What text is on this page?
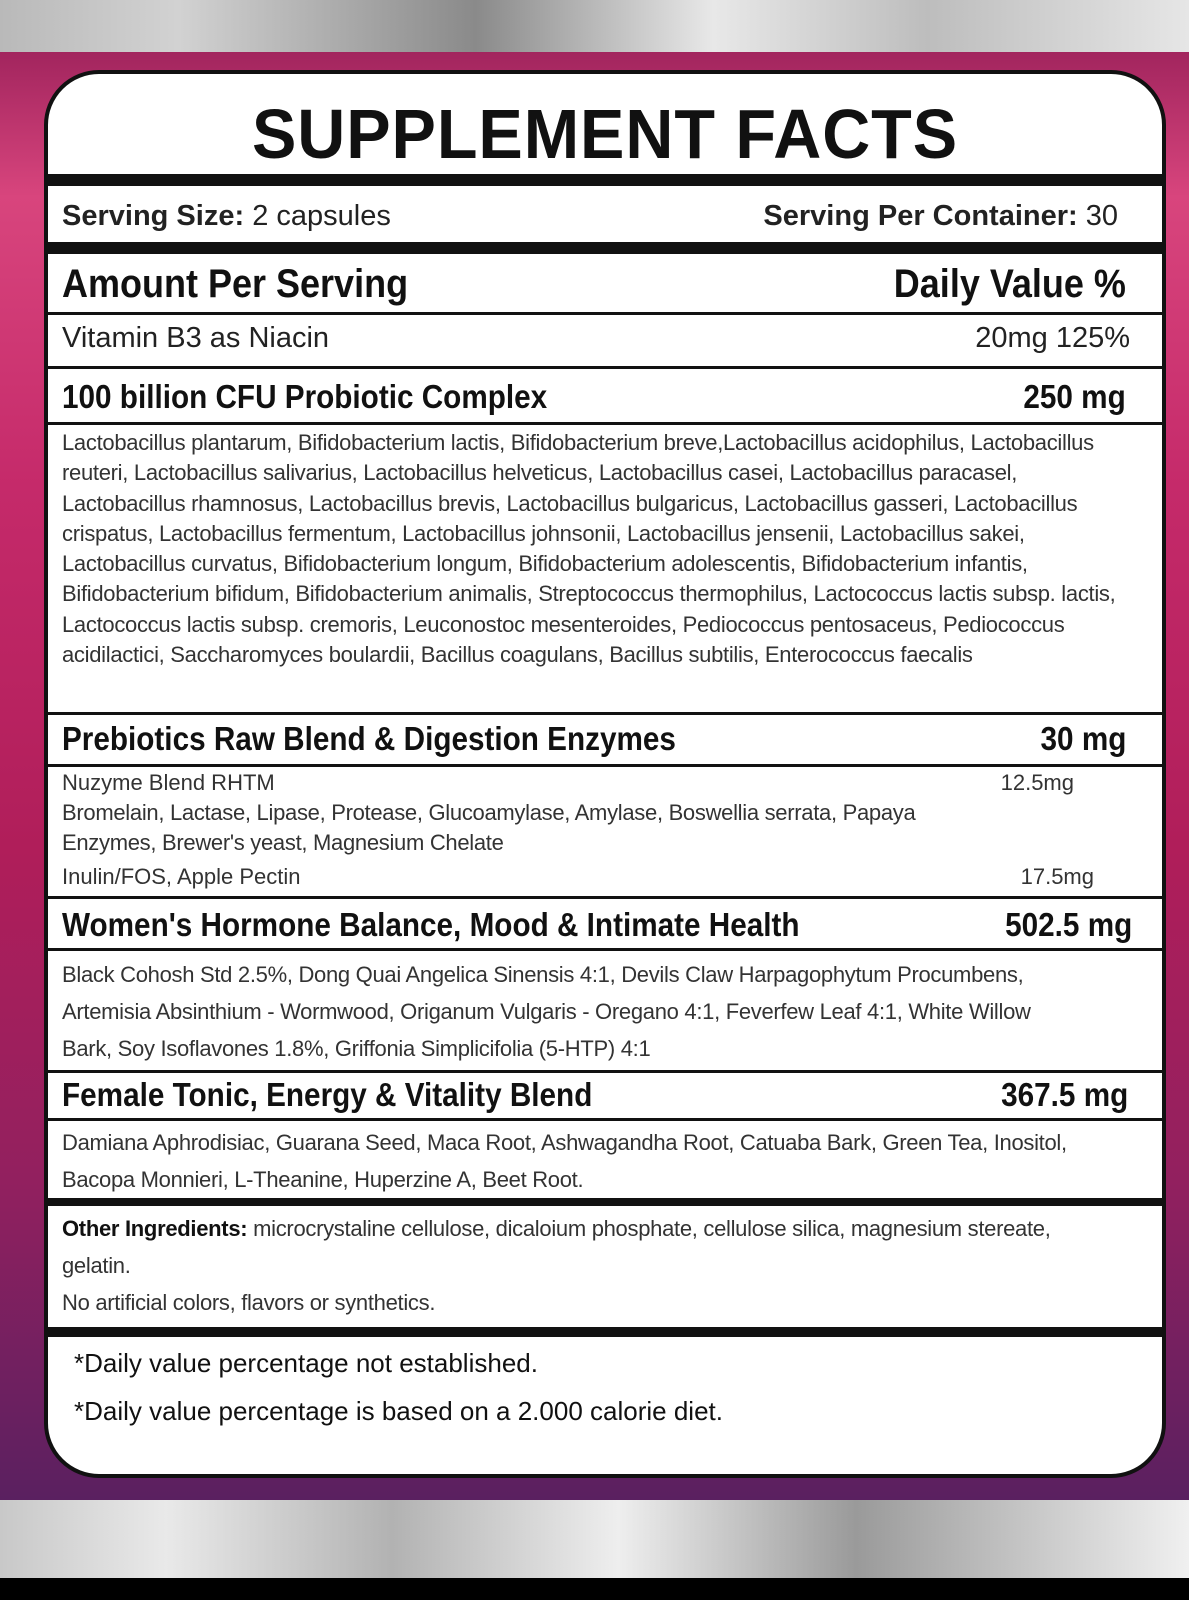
SUPPLEMENT FACTS
Serving Size: 2 capsules	Serving Per Container: 30
Amount Per Serving	Daily Value %
Vitamin B3 as Niacin	20mg 125%
100 billion CFU Probiotic Complex	250 mg
Lactobacillus plantarum, Bifidobacterium lactis, Bifidobacterium breve,Lactobacillus acidophilus, Lactobacillus reuteri, Lactobacillus salivarius, Lactobacillus helveticus, Lactobacillus casei, Lactobacillus paracasel, Lactobacillus rhamnosus, Lactobacillus brevis, Lactobacillus bulgaricus, Lactobacillus gasseri, Lactobacillus crispatus, Lactobacillus fermentum, Lactobacillus johnsonii, Lactobacillus jensenii, Lactobacillus sakei, Lactobacillus curvatus, Bifidobacterium longum, Bifidobacterium adolescentis, Bifidobacterium infantis, Bifidobacterium bifidum, Bifidobacterium animalis, Streptococcus thermophilus, Lactococcus lactis subsp. lactis, Lactococcus lactis subsp. cremoris, Leuconostoc mesenteroides, Pediococcus pentosaceus, Pediococcus acidilactici, Saccharomyces boulardii, Bacillus coagulans, Bacillus subtilis, Enterococcus faecalis
Prebiotics Raw Blend & Digestion Enzymes	30 mg
Nuzyme Blend RHTM	12.5mg
Bromelain, Lactase, Lipase, Protease, Glucoamylase, Amylase, Boswellia serrata, Papaya Enzymes, Brewer's yeast, Magnesium Chelate
Inulin/FOS, Apple Pectin	17.5mg
Women's Hormone Balance, Mood & Intimate Health	502.5 mg
Black Cohosh Std 2.5%, Dong Quai Angelica Sinensis 4:1, Devils Claw Harpagophytum Procumbens, Artemisia Absinthium - Wormwood, Origanum Vulgaris - Oregano 4:1, Feverfew Leaf 4:1, White Willow Bark, Soy Isoflavones 1.8%, Griffonia Simplicifolia (5-HTP) 4:1
Female Tonic, Energy & Vitality Blend	367.5 mg
Damiana Aphrodisiac, Guarana Seed, Maca Root, Ashwagandha Root, Catuaba Bark, Green Tea, Inositol, Bacopa Monnieri, L-Theanine, Huperzine A, Beet Root.
Other Ingredients: microcrystaline cellulose, dicaloium phosphate, cellulose silica, magnesium stereate, gelatin.
No artificial colors, flavors or synthetics.
*Daily value percentage not established.
*Daily value percentage is based on a 2.000 calorie diet.
